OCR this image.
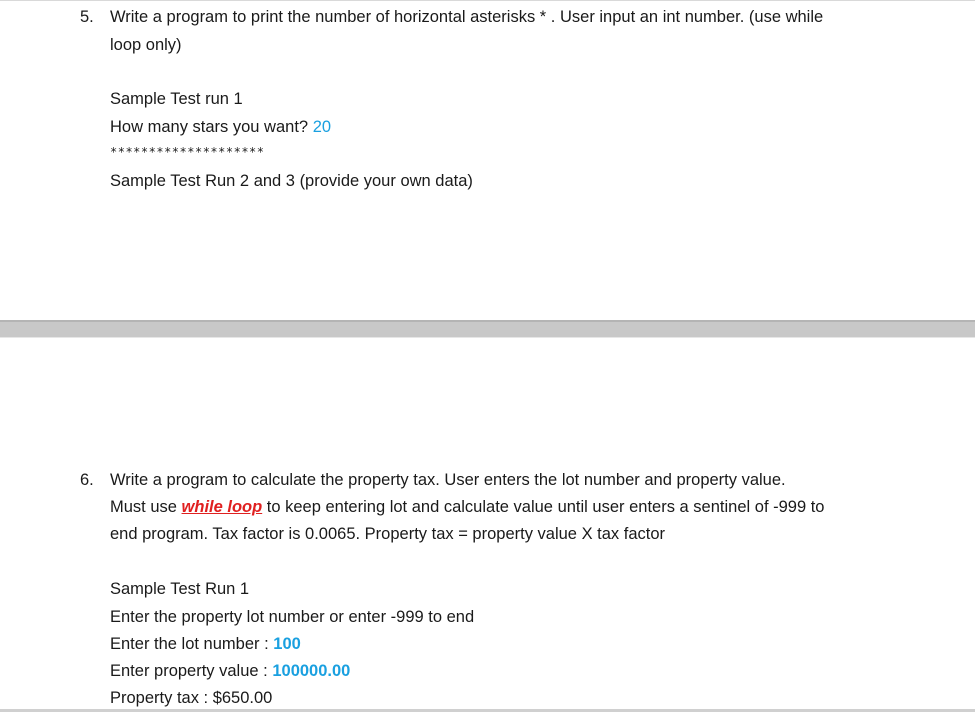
5. Write a program to print the number of horizontal asterisks * . User input an int number. (use while
loop only)
Sample Test run 1
How many stars you want? 20
********************
Sample Test Run 2 and 3 (provide your own data)
6. Write a program to calculate the property tax. User enters the lot number and property value.
Must use while loop to keep entering lot and calculate value until user enters a sentinel of -999 to
end program. Tax factor is 0.0065. Property tax = property value X tax factor
Sample Test Run 1
Enter the property lot number or enter -999 to end
Enter the lot number : 100
Enter property value : 100000.00
Property tax : $650.00
